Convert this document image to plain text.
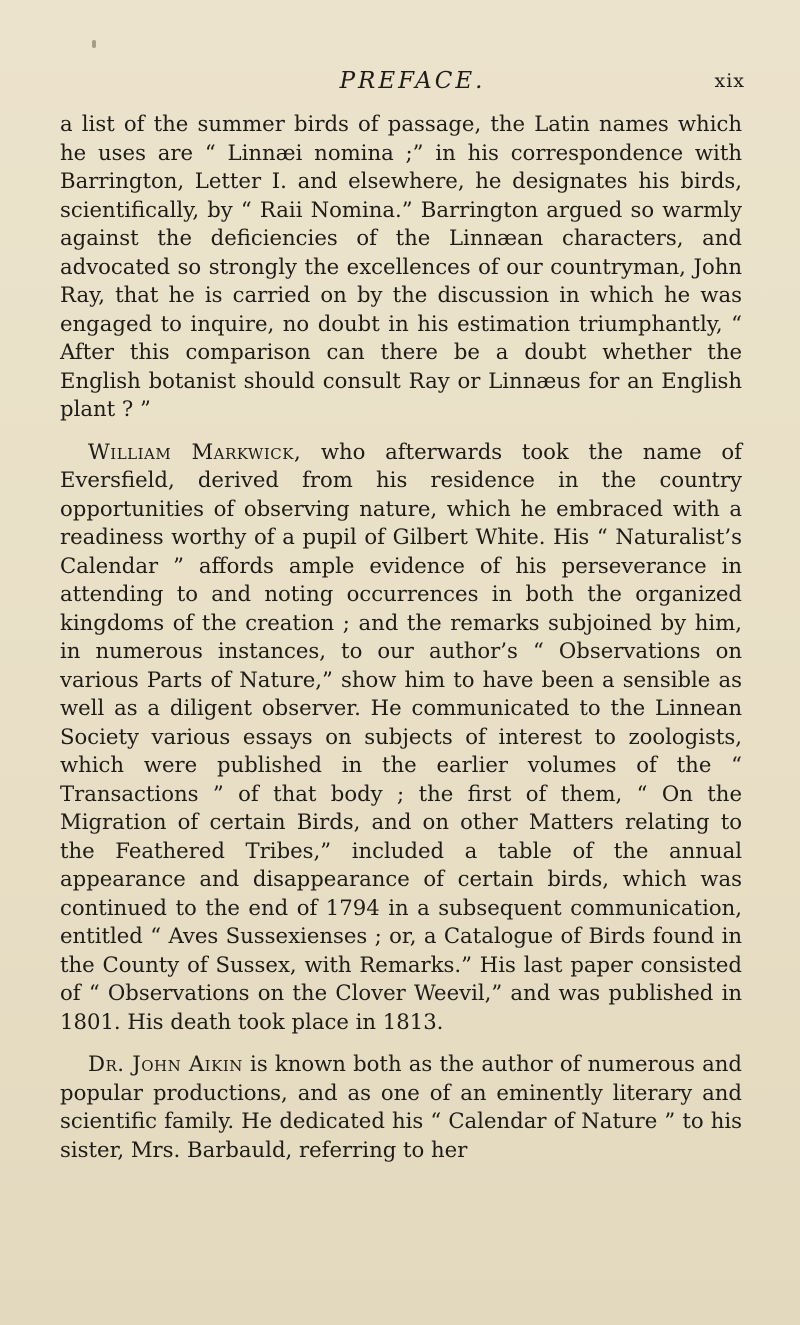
PREFACE.	xix

a list of the summer birds of passage, the Latin names which he uses are “ Linnæi nomina ;” in his correspondence with Barrington, Letter I. and elsewhere, he designates his birds, scientifically, by “ Raii Nomina.” Barrington argued so warmly against the deficiencies of the Linnæan characters, and advocated so strongly the excellences of our countryman, John Ray, that he is carried on by the discussion in which he was engaged to inquire, no doubt in his estimation triumphantly, “ After this comparison can there be a doubt whether the English botanist should consult Ray or Linnæus for an English plant ? ”

William Markwick, who afterwards took the name of Eversfield, derived from his residence in the country opportunities of observing nature, which he embraced with a readiness worthy of a pupil of Gilbert White. His “ Naturalist’s Calendar ” affords ample evidence of his perseverance in attending to and noting occurrences in both the organized kingdoms of the creation ; and the remarks subjoined by him, in numerous instances, to our author’s “ Observations on various Parts of Nature,” show him to have been a sensible as well as a diligent observer. He communicated to the Linnean Society various essays on subjects of interest to zoologists, which were published in the earlier volumes of the “ Transactions ” of that body ; the first of them, “ On the Migration of certain Birds, and on other Matters relating to the Feathered Tribes,” included a table of the annual appearance and disappearance of certain birds, which was continued to the end of 1794 in a subsequent communication, entitled “ Aves Sussexienses ; or, a Catalogue of Birds found in the County of Sussex, with Remarks.” His last paper consisted of “ Observations on the Clover Weevil,” and was published in 1801. His death took place in 1813.

Dr. John Aikin is known both as the author of numerous and popular productions, and as one of an eminently literary and scientific family. He dedicated his “ Calendar of Nature ” to his sister, Mrs. Barbauld, referring to her
